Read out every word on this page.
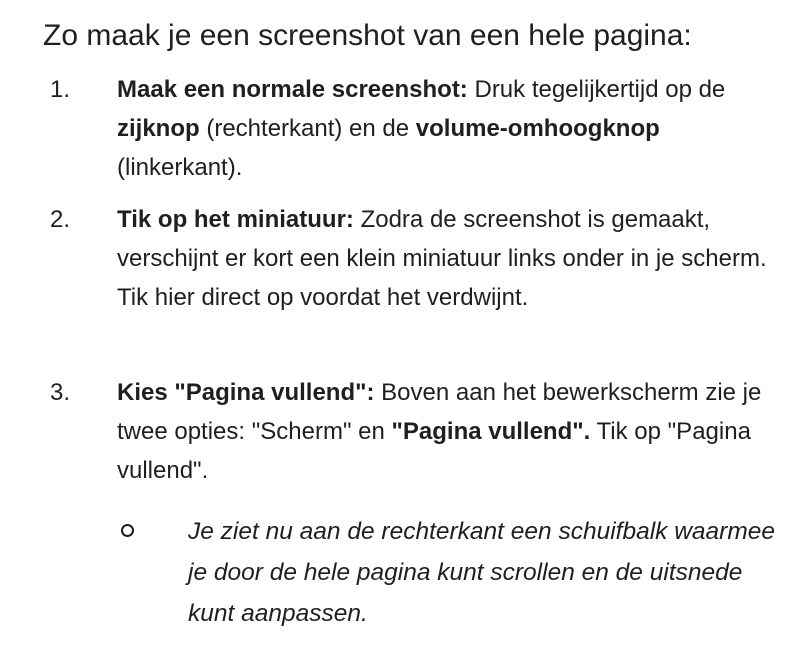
Zo maak je een screenshot van een hele pagina:
1. Maak een normale screenshot: Druk tegelijkertijd op de zijknop (rechterkant) en de volume-omhoogknop (linkerkant).
2. Tik op het miniatuur: Zodra de screenshot is gemaakt, verschijnt er kort een klein miniatuur links onder in je scherm. Tik hier direct op voordat het verdwijnt.
3. Kies "Pagina vullend": Boven aan het bewerkscherm zie je twee opties: "Scherm" en "Pagina vullend". Tik op "Pagina vullend".
Je ziet nu aan de rechterkant een schuifbalk waarmee je door de hele pagina kunt scrollen en de uitsnede kunt aanpassen.
